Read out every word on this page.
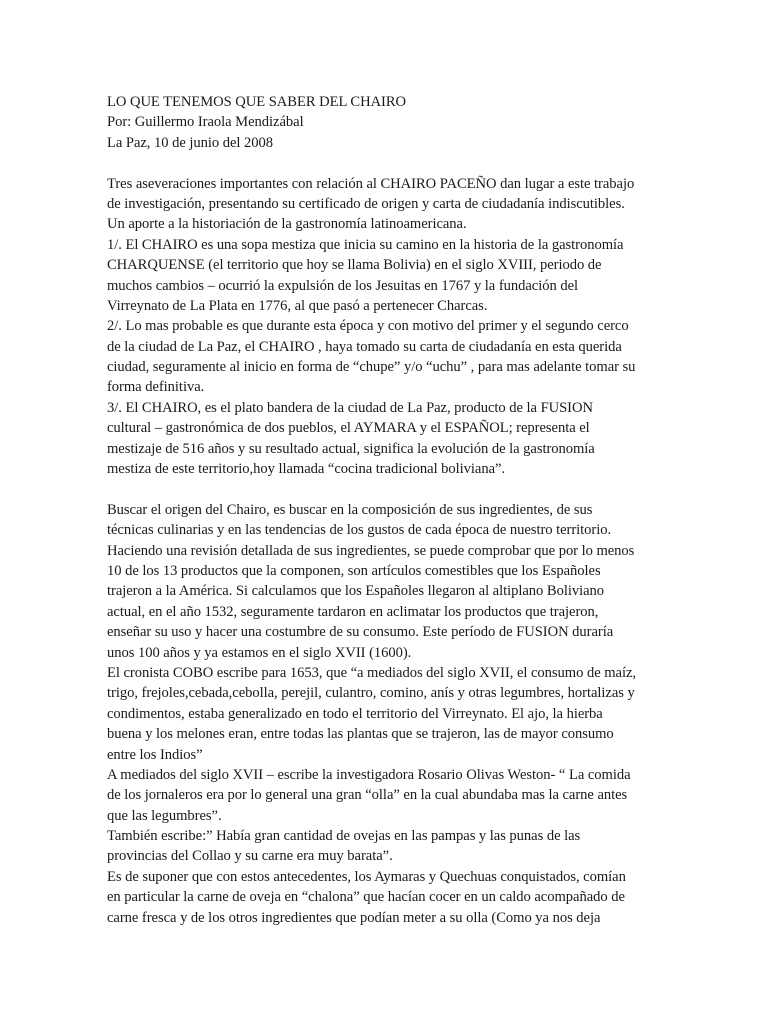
LO QUE TENEMOS QUE SABER DEL CHAIRO
Por: Guillermo Iraola Mendizábal
La Paz, 10 de junio del 2008
Tres aseveraciones importantes con relación al CHAIRO PACEÑO dan lugar a este trabajo
de investigación, presentando su certificado de origen y carta de ciudadanía indiscutibles.
Un aporte a la historiación de la gastronomía latinoamericana.
1/. El CHAIRO es una sopa mestiza que inicia su camino en la historia de la gastronomía
CHARQUENSE (el territorio que hoy se llama Bolivia) en el siglo XVIII, periodo de
muchos cambios – ocurrió la expulsión de los Jesuitas en 1767 y la fundación del
Virreynato de La Plata en 1776, al que pasó a pertenecer Charcas.
2/. Lo mas probable es que durante esta época y con motivo del primer y el segundo cerco
de la ciudad de La Paz, el CHAIRO , haya tomado su carta de ciudadanía en esta querida
ciudad, seguramente al inicio en forma de “chupe” y/o “uchu” , para mas adelante tomar su
forma definitiva.
3/. El CHAIRO, es el plato bandera de la ciudad de La Paz, producto de la FUSION
cultural – gastronómica de dos pueblos, el AYMARA y el ESPAÑOL; representa el
mestizaje de 516 años y su resultado actual, significa la evolución de la gastronomía
mestiza de este territorio,hoy llamada “cocina tradicional boliviana”.
Buscar el origen del Chairo, es buscar en la composición de sus ingredientes, de sus
técnicas culinarias y en las tendencias de los gustos de cada época de nuestro territorio.
Haciendo una revisión detallada de sus ingredientes, se puede comprobar que por lo menos
10 de los 13 productos que la componen, son artículos comestibles que los Españoles
trajeron a la América. Si calculamos que los Españoles llegaron al altiplano Boliviano
actual, en el año 1532, seguramente tardaron en aclimatar los productos que trajeron,
enseñar su uso y hacer una costumbre de su consumo. Este período de FUSION duraría
unos 100 años y ya estamos en el siglo XVII (1600).
El cronista COBO escribe para 1653, que “a mediados del siglo XVII, el consumo de maíz,
trigo, frejoles,cebada,cebolla, perejil, culantro, comino, anís y otras legumbres, hortalizas y
condimentos, estaba generalizado en todo el territorio del Virreynato. El ajo, la hierba
buena y los melones eran, entre todas las plantas que se trajeron, las de mayor consumo
entre los Indios”
A mediados del siglo XVII – escribe la investigadora Rosario Olivas Weston- “ La comida
de los jornaleros era por lo general una gran “olla” en la cual abundaba mas la carne antes
que las legumbres”.
También escribe:” Había gran cantidad de ovejas en las pampas y las punas de las
provincias del Collao y su carne era muy barata”.
Es de suponer que con estos antecedentes, los Aymaras y Quechuas conquistados, comían
en particular la carne de oveja en “chalona” que hacían cocer en un caldo acompañado de
carne fresca y de los otros ingredientes que podían meter a su olla (Como ya nos deja
